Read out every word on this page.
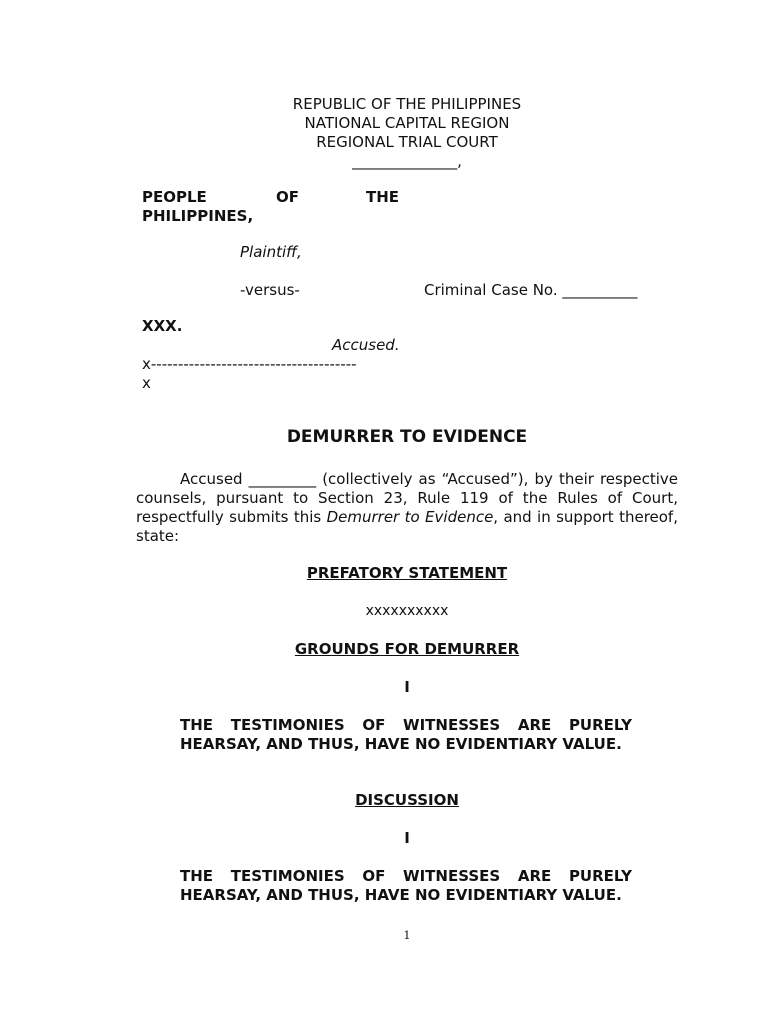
REPUBLIC OF THE PHILIPPINES
NATIONAL CAPITAL REGION
REGIONAL TRIAL COURT
______________,
PEOPLE	OF	THE
PHILIPPINES,
Plaintiff,
-versus-	Criminal Case No. __________
XXX.
Accused.
x--------------------------------------
x
DEMURRER TO EVIDENCE
Accused _________ (collectively as “Accused”), by their respective counsels, pursuant to Section 23, Rule 119 of the Rules of Court, respectfully submits this Demurrer to Evidence, and in support thereof, state:
PREFATORY STATEMENT
xxxxxxxxxx
GROUNDS FOR DEMURRER
I
THE TESTIMONIES OF WITNESSES ARE PURELY HEARSAY, AND THUS, HAVE NO EVIDENTIARY VALUE.
DISCUSSION
I
THE TESTIMONIES OF WITNESSES ARE PURELY HEARSAY, AND THUS, HAVE NO EVIDENTIARY VALUE.
1
